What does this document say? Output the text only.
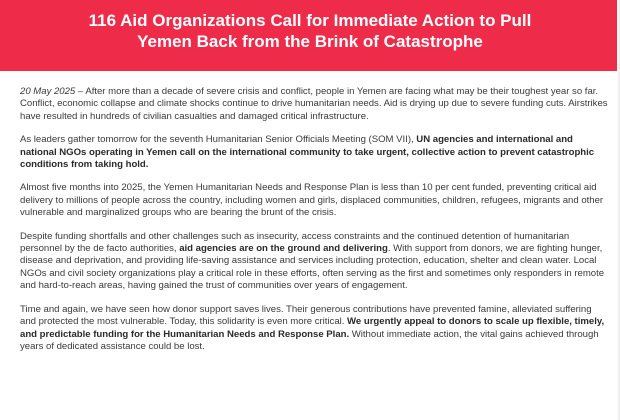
116 Aid Organizations Call for Immediate Action to Pull
Yemen Back from the Brink of Catastrophe

20 May 2025 – After more than a decade of severe crisis and conflict, people in Yemen are facing what may be their toughest year so far. Conflict, economic collapse and climate shocks continue to drive humanitarian needs. Aid is drying up due to severe funding cuts. Airstrikes have resulted in hundreds of civilian casualties and damaged critical infrastructure.

As leaders gather tomorrow for the seventh Humanitarian Senior Officials Meeting (SOM VII), UN agencies and international and national NGOs operating in Yemen call on the international community to take urgent, collective action to prevent catastrophic conditions from taking hold.

Almost five months into 2025, the Yemen Humanitarian Needs and Response Plan is less than 10 per cent funded, preventing critical aid delivery to millions of people across the country, including women and girls, displaced communities, children, refugees, migrants and other vulnerable and marginalized groups who are bearing the brunt of the crisis.

Despite funding shortfalls and other challenges such as insecurity, access constraints and the continued detention of humanitarian personnel by the de facto authorities, aid agencies are on the ground and delivering. With support from donors, we are fighting hunger, disease and deprivation, and providing life-saving assistance and services including protection, education, shelter and clean water. Local NGOs and civil society organizations play a critical role in these efforts, often serving as the first and sometimes only responders in remote and hard-to-reach areas, having gained the trust of communities over years of engagement.

Time and again, we have seen how donor support saves lives. Their generous contributions have prevented famine, alleviated suffering and protected the most vulnerable. Today, this solidarity is even more critical. We urgently appeal to donors to scale up flexible, timely, and predictable funding for the Humanitarian Needs and Response Plan. Without immediate action, the vital gains achieved through years of dedicated assistance could be lost.
